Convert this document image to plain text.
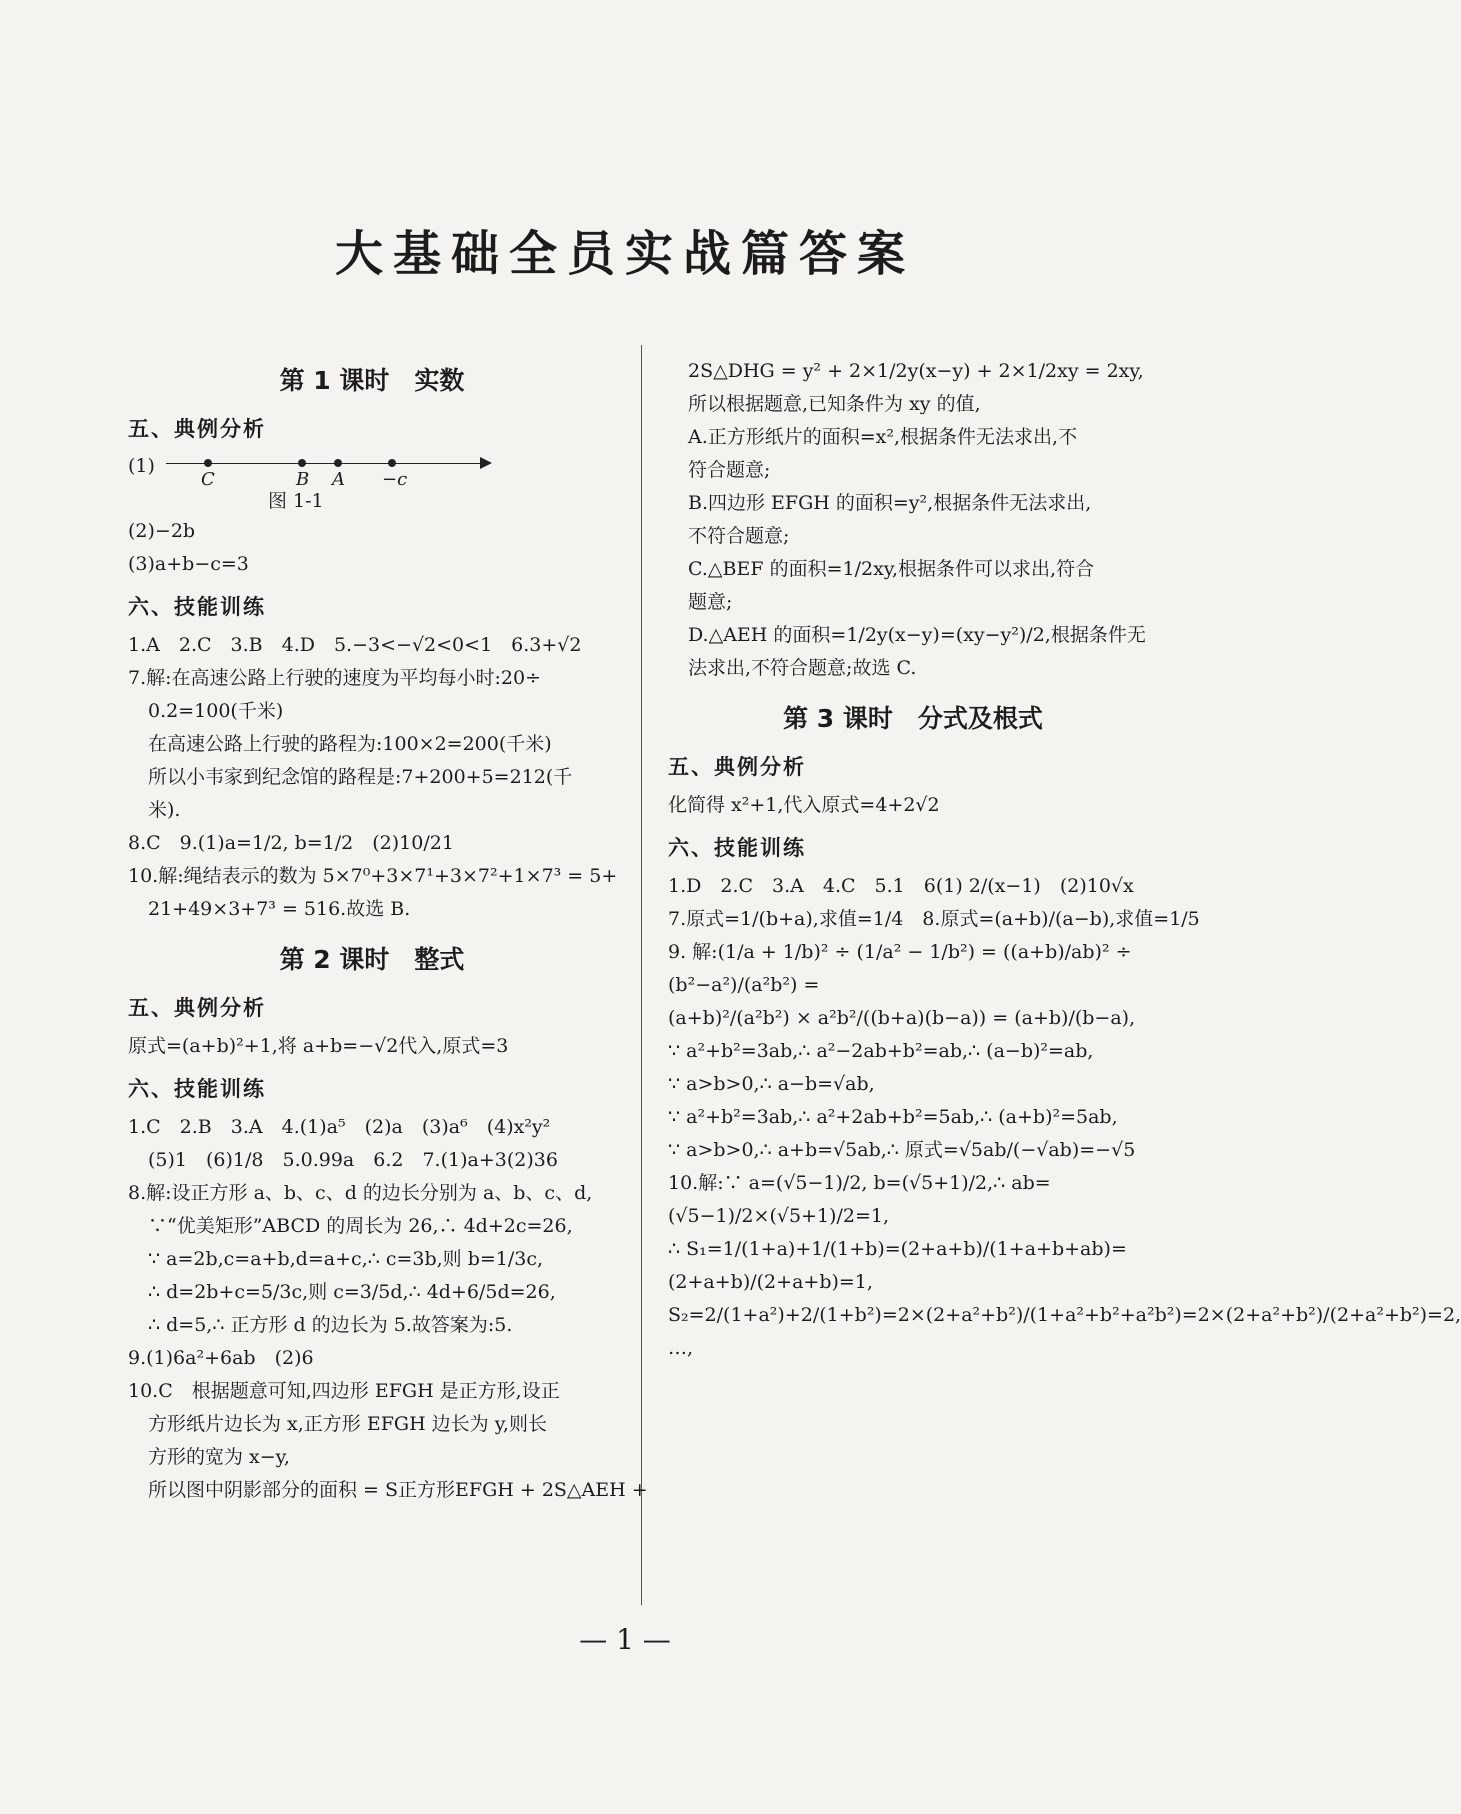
大基础全员实战篇答案
第 1 课时　实数
五、典例分析
(1)
C	B A −c
图 1-1
(2)−2b
(3)a+b−c=3
六、技能训练
1.A　2.C　3.B　4.D　5.−3<−√2<0<1　6.3+√2
7.解:在高速公路上行驶的速度为平均每小时:20÷
0.2=100(千米)
在高速公路上行驶的路程为:100×2=200(千米)
所以小韦家到纪念馆的路程是:7+200+5=212(千
米).
8.C　9.(1)a=1/2, b=1/2　(2)10/21
10.解:绳结表示的数为 5×7⁰+3×7¹+3×7²+1×7³ = 5+
21+49×3+7³ = 516.故选 B.
第 2 课时　整式
五、典例分析
原式=(a+b)²+1,将 a+b=−√2代入,原式=3
六、技能训练
1.C　2.B　3.A　4.(1)a⁵　(2)a　(3)a⁶　(4)x²y²
(5)1　(6)1/8　5.0.99a　6.2　7.(1)a+3(2)36
8.解:设正方形 a、b、c、d 的边长分别为 a、b、c、d,
∵“优美矩形”ABCD 的周长为 26,∴ 4d+2c=26,
∵ a=2b,c=a+b,d=a+c,∴ c=3b,则 b=1/3c,
∴ d=2b+c=5/3c,则 c=3/5d,∴ 4d+6/5d=26,
∴ d=5,∴ 正方形 d 的边长为 5.故答案为:5.
9.(1)6a²+6ab　(2)6
10.C　根据题意可知,四边形 EFGH 是正方形,设正
方形纸片边长为 x,正方形 EFGH 边长为 y,则长
方形的宽为 x−y,
所以图中阴影部分的面积 = S正方形EFGH + 2S△AEH +
2S△DHG = y² + 2×1/2y(x−y) + 2×1/2xy = 2xy,
所以根据题意,已知条件为 xy 的值,
A.正方形纸片的面积=x²,根据条件无法求出,不
符合题意;
B.四边形 EFGH 的面积=y²,根据条件无法求出,
不符合题意;
C.△BEF 的面积=1/2xy,根据条件可以求出,符合
题意;
D.△AEH 的面积=1/2y(x−y)=(xy−y²)/2,根据条件无
法求出,不符合题意;故选 C.
第 3 课时　分式及根式
五、典例分析
化简得 x²+1,代入原式=4+2√2
六、技能训练
1.D　2.C　3.A　4.C　5.1　6(1) 2/(x−1)　(2)10√x
7.原式=1/(b+a),求值=1/4　8.原式=(a+b)/(a−b),求值=1/5
9. 解:(1/a + 1/b)² ÷ (1/a² − 1/b²) = ((a+b)/ab)² ÷ (b²−a²)/(a²b²) =
(a+b)²/(a²b²) × a²b²/((b+a)(b−a)) = (a+b)/(b−a),
∵ a²+b²=3ab,∴ a²−2ab+b²=ab,∴ (a−b)²=ab,
∵ a>b>0,∴ a−b=√ab,
∵ a²+b²=3ab,∴ a²+2ab+b²=5ab,∴ (a+b)²=5ab,
∵ a>b>0,∴ a+b=√5ab,∴ 原式=√5ab/(−√ab)=−√5
10.解:∵ a=(√5−1)/2, b=(√5+1)/2,∴ ab=(√5−1)/2×(√5+1)/2=1,
∴ S₁=1/(1+a)+1/(1+b)=(2+a+b)/(1+a+b+ab)=(2+a+b)/(2+a+b)=1,
S₂=2/(1+a²)+2/(1+b²)=2×(2+a²+b²)/(1+a²+b²+a²b²)=2×(2+a²+b²)/(2+a²+b²)=2,
…,
— 1 —
